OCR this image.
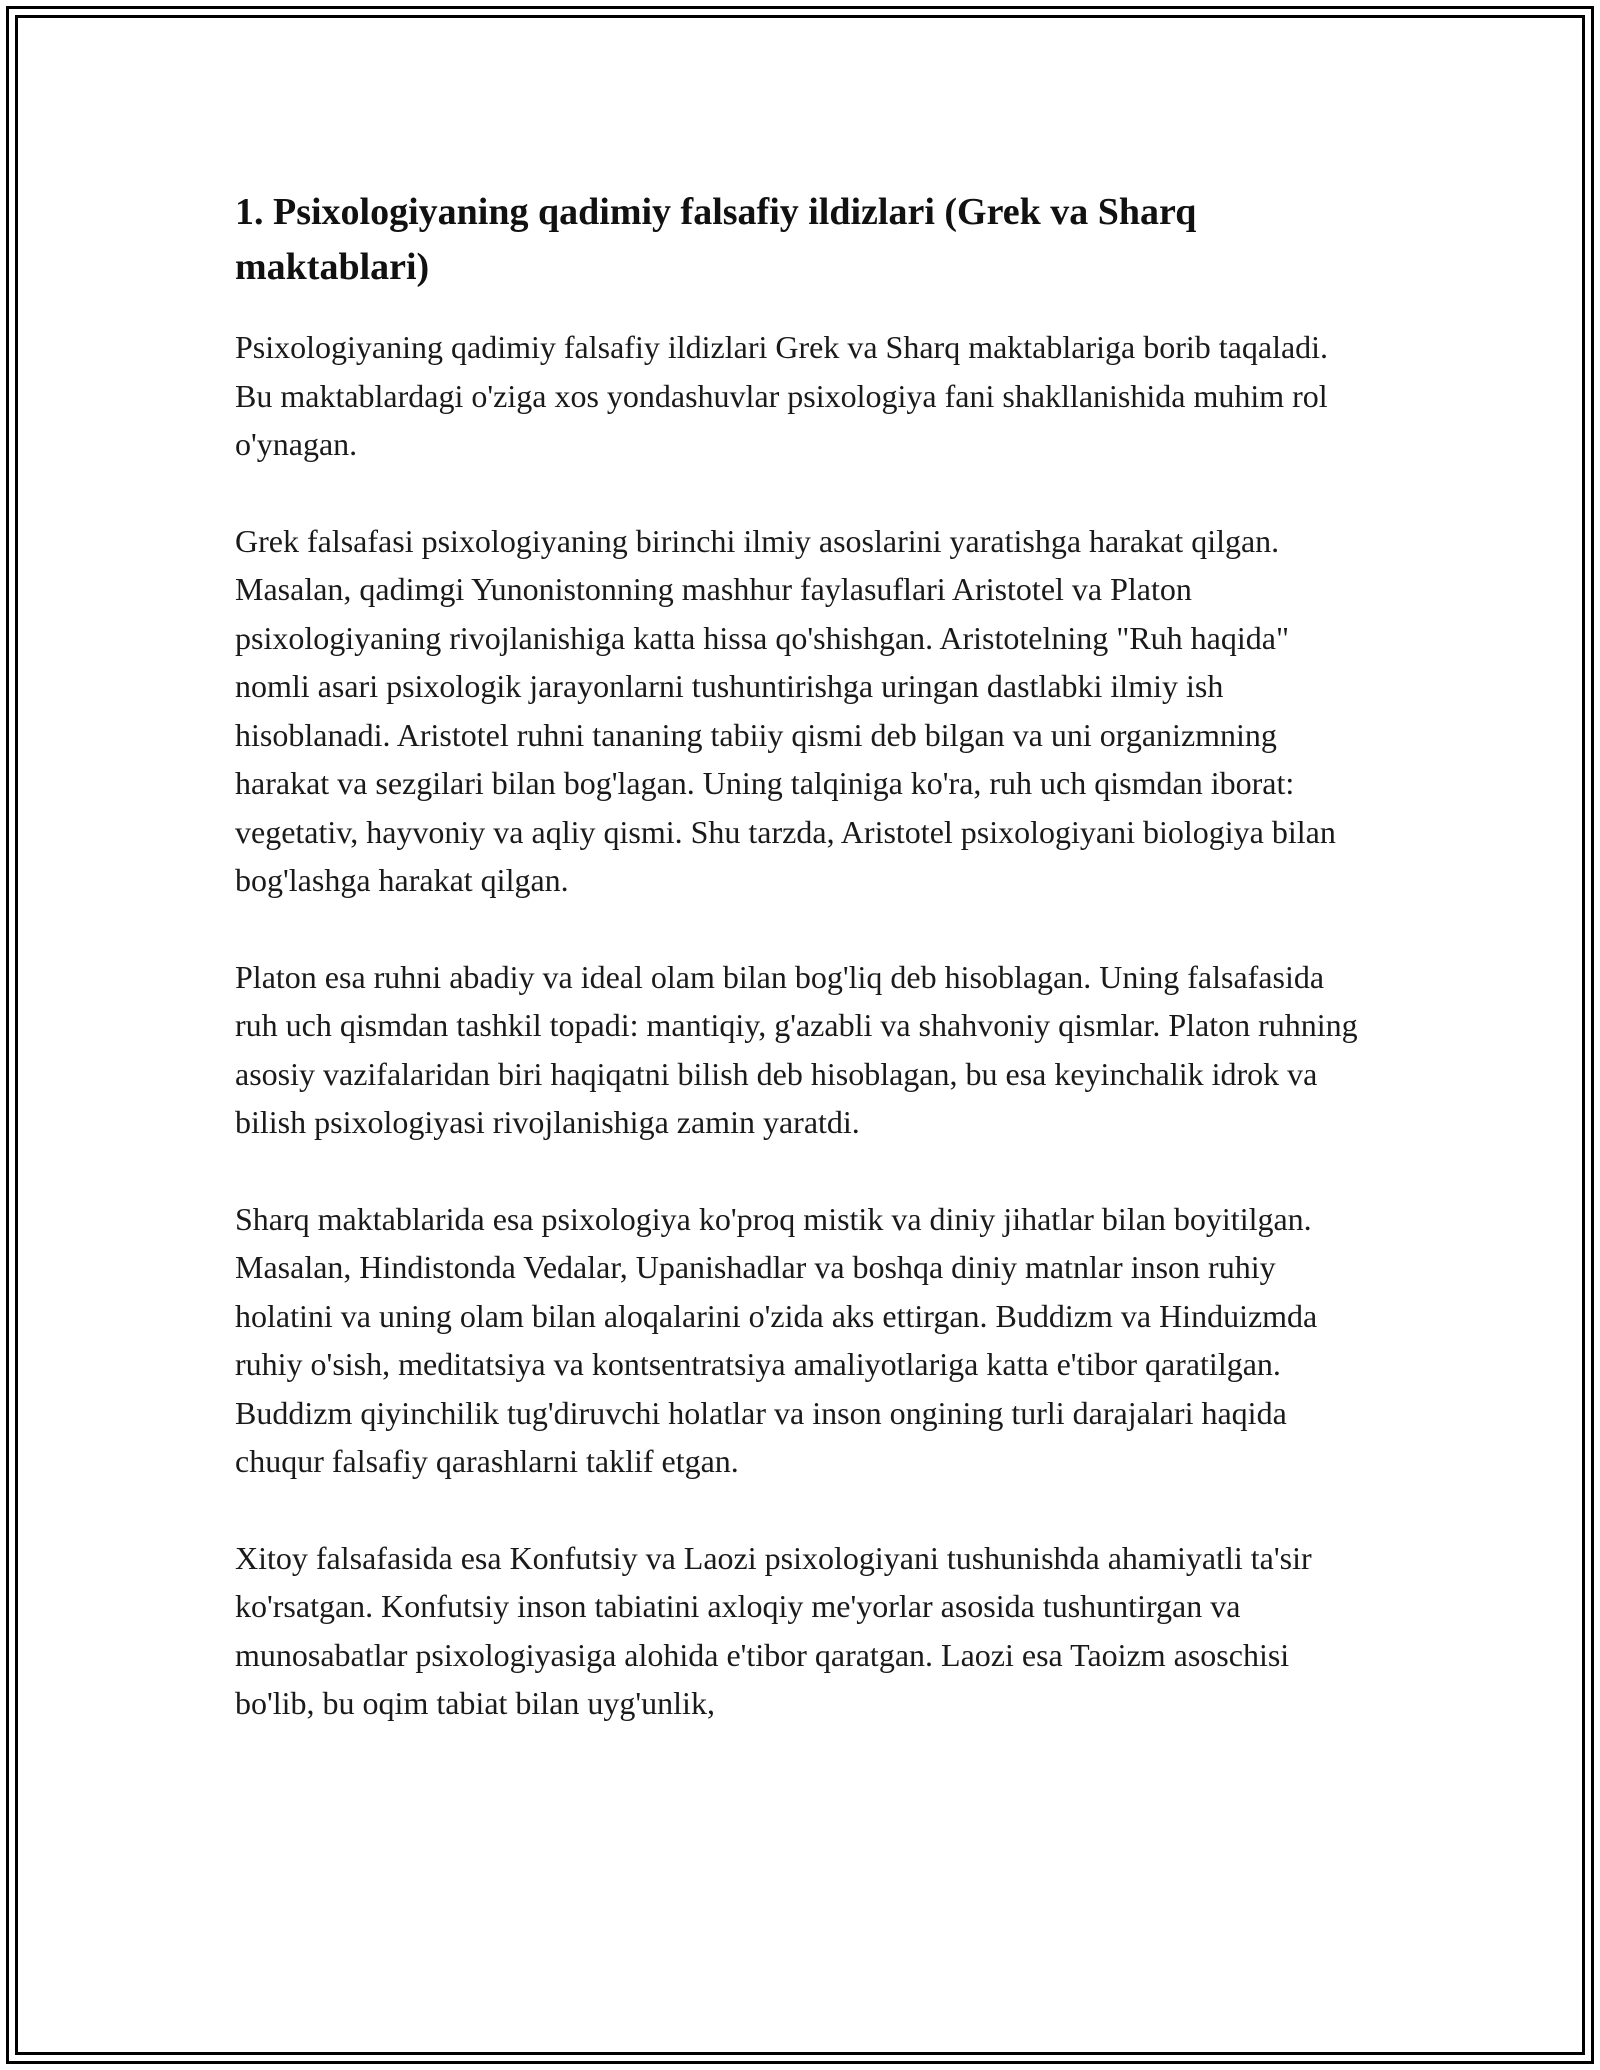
1. Psixologiyaning qadimiy falsafiy ildizlari (Grek va Sharq maktablari)

Psixologiyaning qadimiy falsafiy ildizlari Grek va Sharq maktablariga borib taqaladi. Bu maktablardagi o'ziga xos yondashuvlar psixologiya fani shakllanishida muhim rol o'ynagan.

Grek falsafasi psixologiyaning birinchi ilmiy asoslarini yaratishga harakat qilgan. Masalan, qadimgi Yunonistonning mashhur faylasuflari Aristotel va Platon psixologiyaning rivojlanishiga katta hissa qo'shishgan. Aristotelning "Ruh haqida" nomli asari psixologik jarayonlarni tushuntirishga uringan dastlabki ilmiy ish hisoblanadi. Aristotel ruhni tananing tabiiy qismi deb bilgan va uni organizmning harakat va sezgilari bilan bog'lagan. Uning talqiniga ko'ra, ruh uch qismdan iborat: vegetativ, hayvoniy va aqliy qismi. Shu tarzda, Aristotel psixologiyani biologiya bilan bog'lashga harakat qilgan.

Platon esa ruhni abadiy va ideal olam bilan bog'liq deb hisoblagan. Uning falsafasida ruh uch qismdan tashkil topadi: mantiqiy, g'azabli va shahvoniy qismlar. Platon ruhning asosiy vazifalaridan biri haqiqatni bilish deb hisoblagan, bu esa keyinchalik idrok va bilish psixologiyasi rivojlanishiga zamin yaratdi.

Sharq maktablarida esa psixologiya ko'proq mistik va diniy jihatlar bilan boyitilgan. Masalan, Hindistonda Vedalar, Upanishadlar va boshqa diniy matnlar inson ruhiy holatini va uning olam bilan aloqalarini o'zida aks ettirgan. Buddizm va Hinduizmda ruhiy o'sish, meditatsiya va kontsentratsiya amaliyotlariga katta e'tibor qaratilgan. Buddizm qiyinchilik tug'diruvchi holatlar va inson ongining turli darajalari haqida chuqur falsafiy qarashlarni taklif etgan.

Xitoy falsafasida esa Konfutsiy va Laozi psixologiyani tushunishda ahamiyatli ta'sir ko'rsatgan. Konfutsiy inson tabiatini axloqiy me'yorlar asosida tushuntirgan va munosabatlar psixologiyasiga alohida e'tibor qaratgan. Laozi esa Taoizm asoschisi bo'lib, bu oqim tabiat bilan uyg'unlik,
